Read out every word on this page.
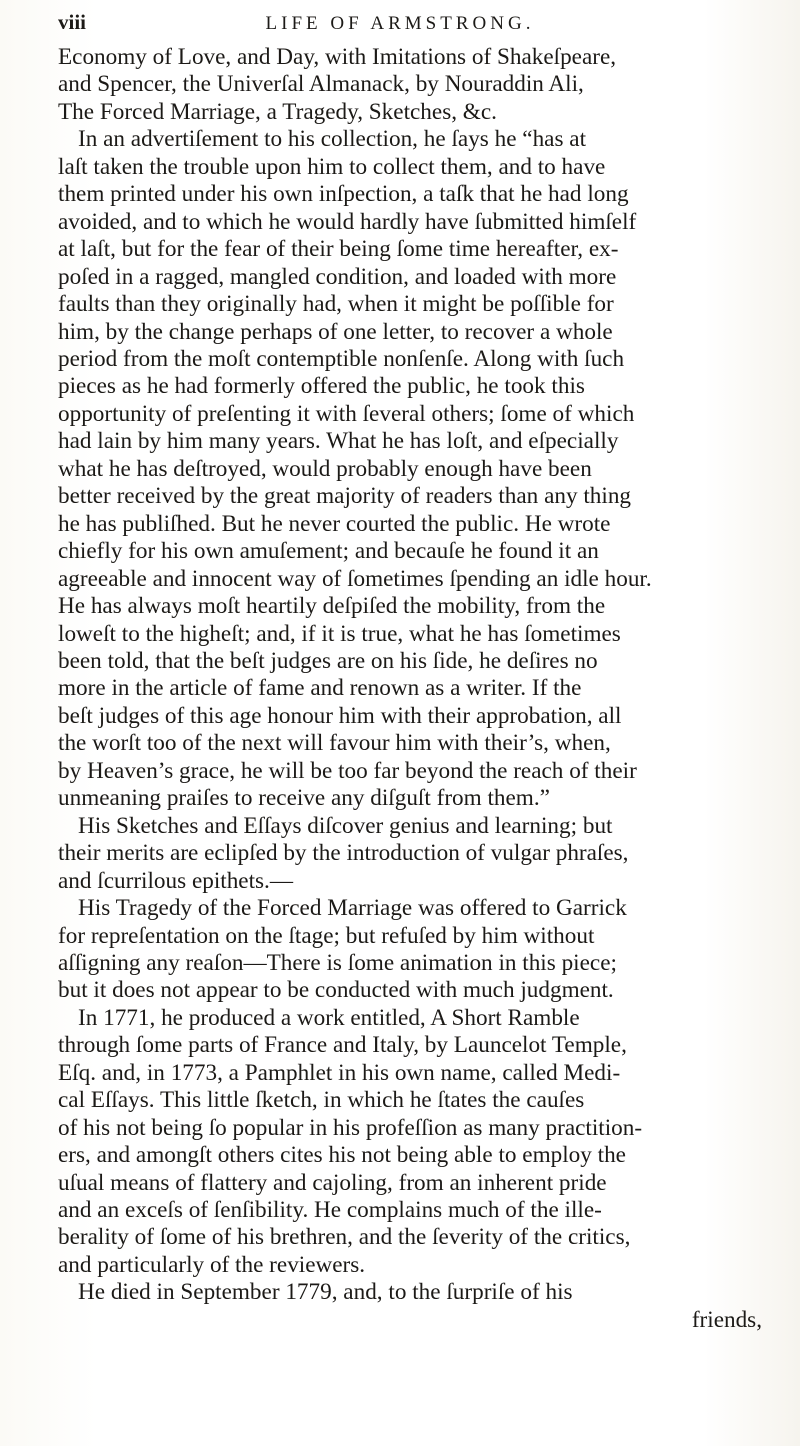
viii	LIFE OF ARMSTRONG.
Economy of Love, and Day, with Imitations of Shakeſpeare,
and Spencer, the Univerſal Almanack, by Nouraddin Ali,
The Forced Marriage, a Tragedy, Sketches, &c.
In an advertiſement to his collection, he ſays he “has at
laſt taken the trouble upon him to collect them, and to have
them printed under his own inſpection, a taſk that he had long
avoided, and to which he would hardly have ſubmitted himſelf
at laſt, but for the fear of their being ſome time hereafter, ex-
poſed in a ragged, mangled condition, and loaded with more
faults than they originally had, when it might be poſſible for
him, by the change perhaps of one letter, to recover a whole
period from the moſt contemptible nonſenſe. Along with ſuch
pieces as he had formerly offered the public, he took this
opportunity of preſenting it with ſeveral others; ſome of which
had lain by him many years. What he has loſt, and eſpecially
what he has deſtroyed, would probably enough have been
better received by the great majority of readers than any thing
he has publiſhed. But he never courted the public. He wrote
chiefly for his own amuſement; and becauſe he found it an
agreeable and innocent way of ſometimes ſpending an idle hour.
He has always moſt heartily deſpiſed the mobility, from the
loweſt to the higheſt; and, if it is true, what he has ſometimes
been told, that the beſt judges are on his ſide, he deſires no
more in the article of fame and renown as a writer. If the
beſt judges of this age honour him with their approbation, all
the worſt too of the next will favour him with their’s, when,
by Heaven’s grace, he will be too far beyond the reach of their
unmeaning praiſes to receive any diſguſt from them.”
His Sketches and Eſſays diſcover genius and learning; but
their merits are eclipſed by the introduction of vulgar phraſes,
and ſcurrilous epithets.—
His Tragedy of the Forced Marriage was offered to Garrick
for repreſentation on the ſtage; but refuſed by him without
aſſigning any reaſon—There is ſome animation in this piece;
but it does not appear to be conducted with much judgment.
In 1771, he produced a work entitled, A Short Ramble
through ſome parts of France and Italy, by Launcelot Temple,
Eſq. and, in 1773, a Pamphlet in his own name, called Medi-
cal Eſſays. This little ſketch, in which he ſtates the cauſes
of his not being ſo popular in his profeſſion as many practition-
ers, and amongſt others cites his not being able to employ the
uſual means of flattery and cajoling, from an inherent pride
and an exceſs of ſenſibility. He complains much of the ille-
berality of ſome of his brethren, and the ſeverity of the critics,
and particularly of the reviewers.
He died in September 1779, and, to the ſurpriſe of his
friends,
